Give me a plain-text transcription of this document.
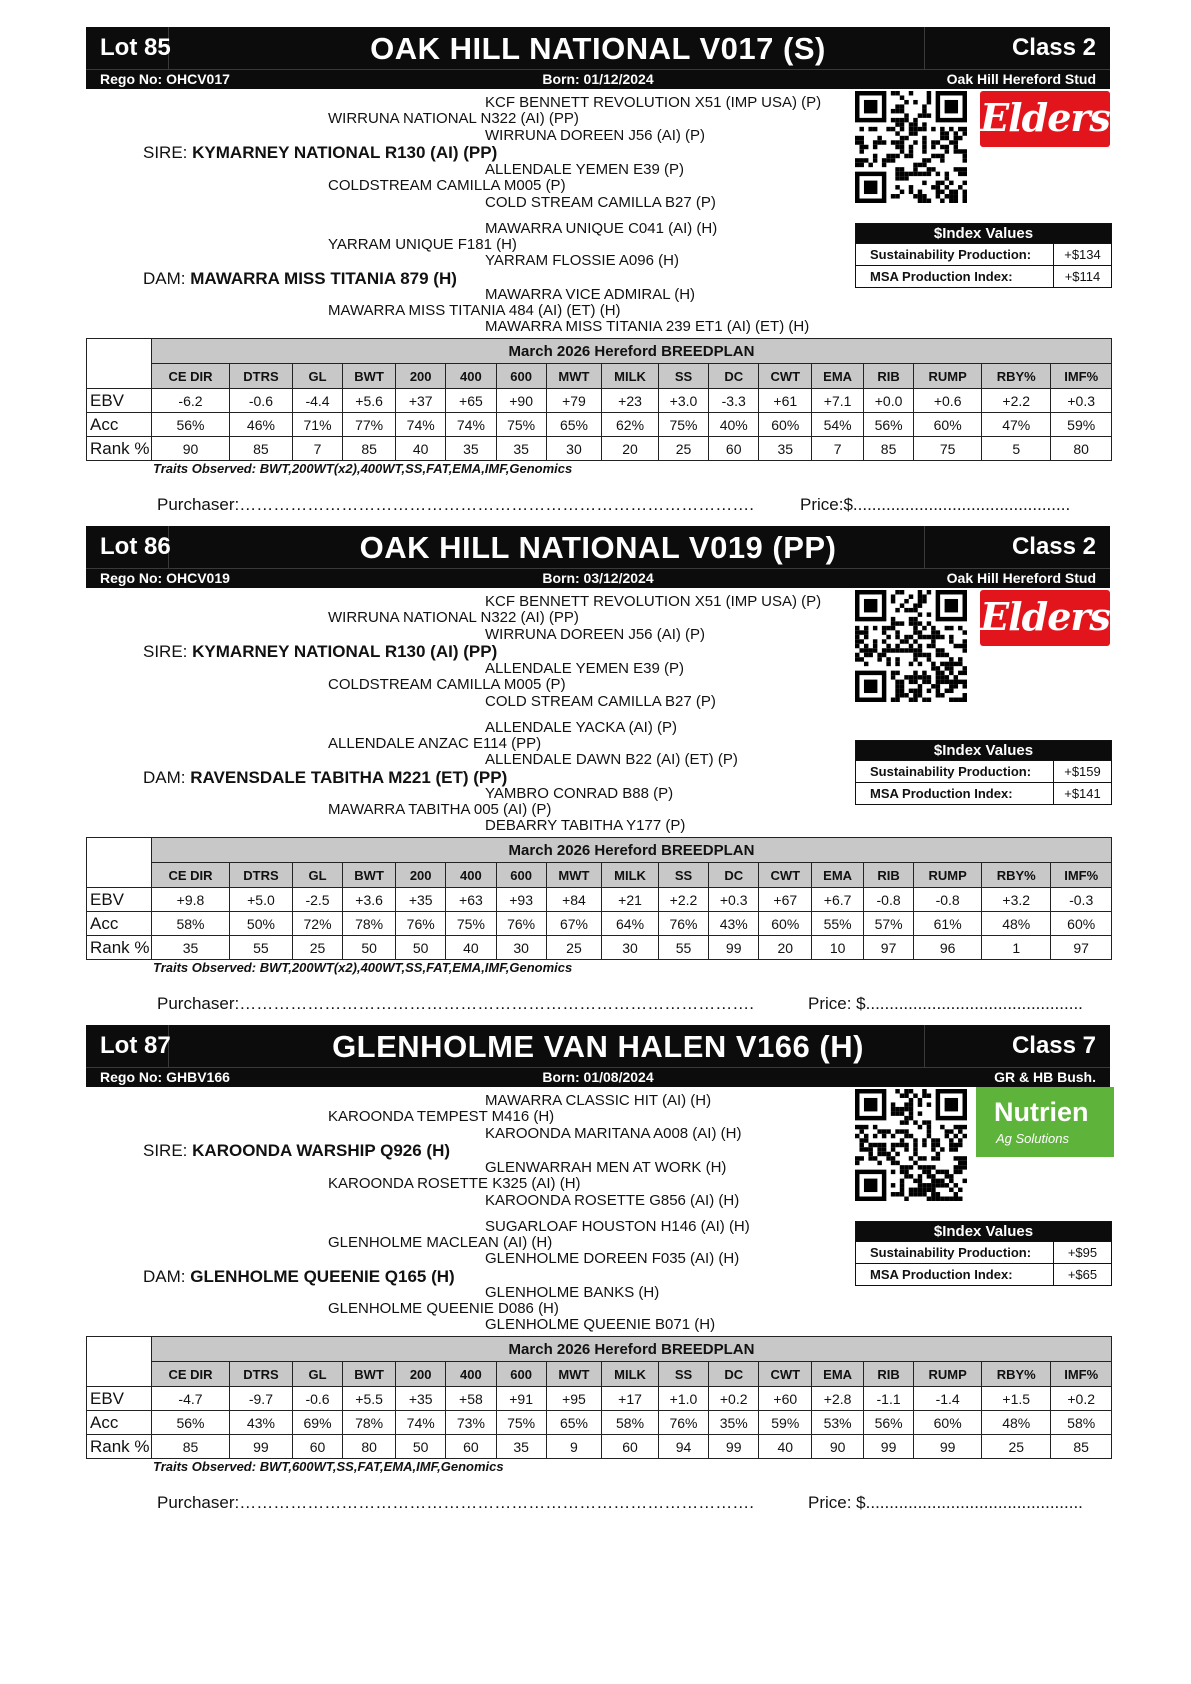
Lot 85	OAK HILL NATIONAL V017 (S)	Class 2
Rego No: OHCV017	Born: 01/12/2024	Oak Hill Hereford Stud
KCF BENNETT REVOLUTION X51 (IMP USA) (P)
WIRRUNA NATIONAL N322 (AI) (PP)
WIRRUNA DOREEN J56 (AI) (P)
SIRE: KYMARNEY NATIONAL R130 (AI) (PP)
ALLENDALE YEMEN E39 (P)
COLDSTREAM CAMILLA M005 (P)
COLD STREAM CAMILLA B27 (P)
MAWARRA UNIQUE C041 (AI) (H)
YARRAM UNIQUE F181 (H)
YARRAM FLOSSIE A096 (H)
DAM: MAWARRA MISS TITANIA 879 (H)
MAWARRA VICE ADMIRAL (H)
MAWARRA MISS TITANIA 484 (AI) (ET) (H)
MAWARRA MISS TITANIA 239 ET1 (AI) (ET) (H)
Elders
$Index Values
Sustainability Production:	+$134
MSA Production Index:	+$114
	March 2026 Hereford BREEDPLAN																
	CE DIR	DTRS	GL	BWT	200	400	600	MWT	MILK	SS	DC	CWT	EMA	RIB	RUMP	RBY%	IMF%
EBV	-6.2	-0.6	-4.4	+5.6	+37	+65	+90	+79	+23	+3.0	-3.3	+61	+7.1	+0.0	+0.6	+2.2	+0.3
Acc	56%	46%	71%	77%	74%	74%	75%	65%	62%	75%	40%	60%	54%	56%	60%	47%	59%
Rank %	90	85	7	85	40	35	35	30	20	25	60	35	7	85	75	5	80
Traits Observed: BWT,200WT(x2),400WT,SS,FAT,EMA,IMF,Genomics
Purchaser:……………………………………………………………………………….	Price:$..............................................
Lot 86	OAK HILL NATIONAL V019 (PP)	Class 2
Rego No: OHCV019	Born: 03/12/2024	Oak Hill Hereford Stud
KCF BENNETT REVOLUTION X51 (IMP USA) (P)
WIRRUNA NATIONAL N322 (AI) (PP)
WIRRUNA DOREEN J56 (AI) (P)
SIRE: KYMARNEY NATIONAL R130 (AI) (PP)
ALLENDALE YEMEN E39 (P)
COLDSTREAM CAMILLA M005 (P)
COLD STREAM CAMILLA B27 (P)
ALLENDALE YACKA (AI) (P)
ALLENDALE ANZAC E114 (PP)
ALLENDALE DAWN B22 (AI) (ET) (P)
DAM: RAVENSDALE TABITHA M221 (ET) (PP)
YAMBRO CONRAD B88 (P)
MAWARRA TABITHA 005 (AI) (P)
DEBARRY TABITHA Y177 (P)
Elders
$Index Values
Sustainability Production:	+$159
MSA Production Index:	+$141
	March 2026 Hereford BREEDPLAN																
	CE DIR	DTRS	GL	BWT	200	400	600	MWT	MILK	SS	DC	CWT	EMA	RIB	RUMP	RBY%	IMF%
EBV	+9.8	+5.0	-2.5	+3.6	+35	+63	+93	+84	+21	+2.2	+0.3	+67	+6.7	-0.8	-0.8	+3.2	-0.3
Acc	58%	50%	72%	78%	76%	75%	76%	67%	64%	76%	43%	60%	55%	57%	61%	48%	60%
Rank %	35	55	25	50	50	40	30	25	30	55	99	20	10	97	96	1	97
Traits Observed: BWT,200WT(x2),400WT,SS,FAT,EMA,IMF,Genomics
Purchaser:……………………………………………………………………………….	Price: $..............................................
Lot 87	GLENHOLME VAN HALEN V166 (H)	Class 7
Rego No: GHBV166	Born: 01/08/2024	GR & HB Bush.
MAWARRA CLASSIC HIT (AI) (H)
KAROONDA TEMPEST M416 (H)
KAROONDA MARITANA A008 (AI) (H)
SIRE: KAROONDA WARSHIP Q926 (H)
GLENWARRAH MEN AT WORK (H)
KAROONDA ROSETTE K325 (AI) (H)
KAROONDA ROSETTE G856 (AI) (H)
SUGARLOAF HOUSTON H146 (AI) (H)
GLENHOLME MACLEAN (AI) (H)
GLENHOLME DOREEN F035 (AI) (H)
DAM: GLENHOLME QUEENIE Q165 (H)
GLENHOLME BANKS (H)
GLENHOLME QUEENIE D086 (H)
GLENHOLME QUEENIE B071 (H)
Nutrien
Ag Solutions
$Index Values
Sustainability Production:	+$95
MSA Production Index:	+$65
	March 2026 Hereford BREEDPLAN																
	CE DIR	DTRS	GL	BWT	200	400	600	MWT	MILK	SS	DC	CWT	EMA	RIB	RUMP	RBY%	IMF%
EBV	-4.7	-9.7	-0.6	+5.5	+35	+58	+91	+95	+17	+1.0	+0.2	+60	+2.8	-1.1	-1.4	+1.5	+0.2
Acc	56%	43%	69%	78%	74%	73%	75%	65%	58%	76%	35%	59%	53%	56%	60%	48%	58%
Rank %	85	99	60	80	50	60	35	9	60	94	99	40	90	99	99	25	85
Traits Observed: BWT,600WT,SS,FAT,EMA,IMF,Genomics
Purchaser:……………………………………………………………………………….	Price: $..............................................
